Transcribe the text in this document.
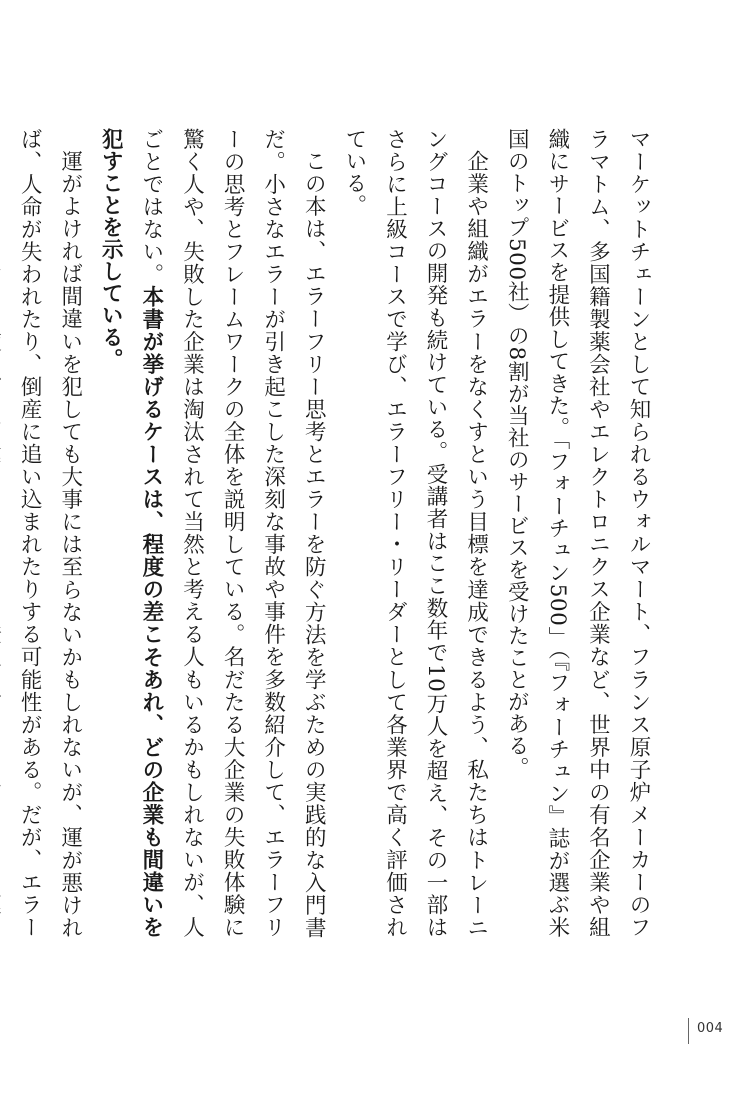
マーケットチェーンとして知られるウォルマート、フランス原子炉メーカーのフラマトム、多国籍製薬会社やエレクトロニクス企業など、世界中の有名企業や組織にサービスを提供してきた。「フォーチュン500」（『フォーチュン』誌が選ぶ米国のトップ500社）の8割が当社のサービスを受けたことがある。

企業や組織がエラーをなくすという目標を達成できるよう、私たちはトレーニングコースの開発も続けている。受講者はここ数年で10万人を超え、その一部はさらに上級コースで学び、エラーフリー・リーダーとして各業界で高く評価されている。

この本は、エラーフリー思考とエラーを防ぐ方法を学ぶための実践的な入門書だ。小さなエラーが引き起こした深刻な事故や事件を多数紹介して、エラーフリーの思考とフレームワークの全体を説明している。名だたる大企業の失敗体験に驚く人や、失敗した企業は淘汰されて当然と考える人もいるかもしれないが、人ごとではない。本書が挙げるケースは、程度の差こそあれ、どの企業も間違いを犯すことを示している。

運がよければ間違いを犯しても大事には至らないかもしれないが、運が悪ければ、人命が失われたり、倒産に追い込まれたりする可能性がある。だが、エラー

004
